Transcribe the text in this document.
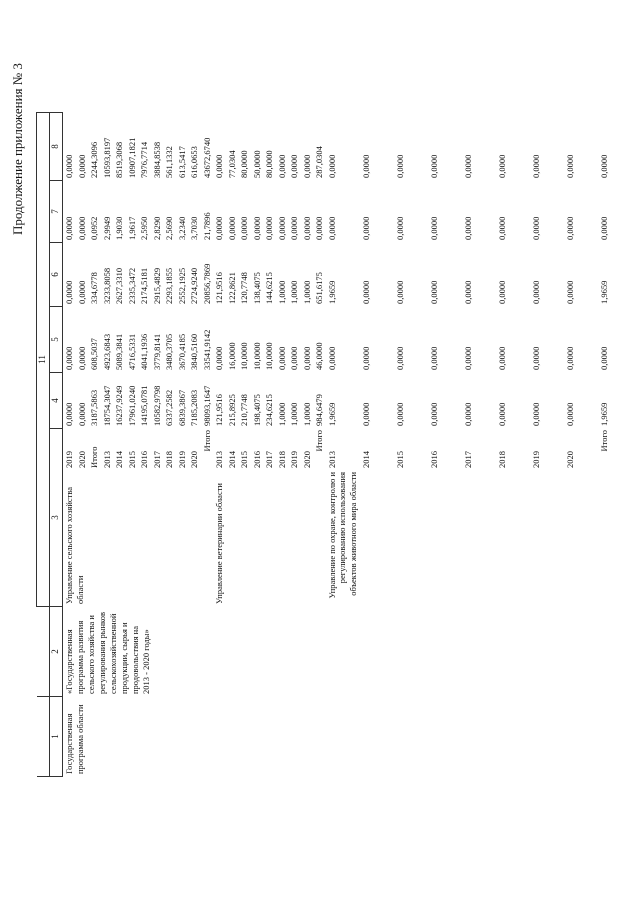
Продолжение приложения № 3
		11					
1	2	3	4	5	6	7	8
Государственная программа области	«Государственная программа развития сельского хозяйства и регулирования рынков сельскохозяйственной продукции, сырья и продовольствия на 2013 - 2020 годы»	Управление сельского хозяйства области	2019	0,0000	0,0000	0,0000	0,0000	0,0000
			2020	0,0000	0,0000	0,0000	0,0000	0,0000
			Итого	3187,5863	608,5037	334,6778	0,0952	2244,3096
			2013	18754,3047	4923,6843	3233,8058	2,9949	10593,8197
			2014	16237,9249	5089,3841	2627,3310	1,9030	8519,3068
			2015	17961,0240	4716,5331	2335,3472	1,9617	10907,1821
			2016	14195,0781	4041,1936	2174,5181	2,5950	7976,7714
			2017	10582,9798	3779,8141	2915,4829	2,8290	3884,8538
			2018	6337,2582	3480,3705	2293,1855	2,5690	561,1332
			2019	6839,3867	3670,4185	2552,1925	3,2340	613,5417
			2020	7185,2083	3840,5160	2724,9240	3,7030	616,0653
			Итого	98093,1647	33541,9142	20856,7869	21,7896	43672,6740
		Управление ветеринарии области	2013	121,9516	0,0000	121,9516	0,0000	0,0000
			2014	215,8925	16,0000	122,8621	0,0000	77,0304
			2015	210,7748	10,0000	120,7748	0,0000	80,0000
			2016	198,4075	10,0000	138,4075	0,0000	50,0000
			2017	234,6215	10,0000	144,6215	0,0000	80,0000
			2018	1,0000	0,0000	1,0000	0,0000	0,0000
			2019	1,0000	0,0000	1,0000	0,0000	0,0000
			2020	1,0000	0,0000	1,0000	0,0000	0,0000
			Итого	984,6479	46,0000	651,6175	0,0000	287,0304
		Управление по охране, контролю и регулированию использования объектов животного мира области	2013	1,9659	0,0000	1,9659	0,0000	0,0000
			2014	0,0000	0,0000	0,0000	0,0000	0,0000
			2015	0,0000	0,0000	0,0000	0,0000	0,0000
			2016	0,0000	0,0000	0,0000	0,0000	0,0000
			2017	0,0000	0,0000	0,0000	0,0000	0,0000
			2018	0,0000	0,0000	0,0000	0,0000	0,0000
			2019	0,0000	0,0000	0,0000	0,0000	0,0000
			2020	0,0000	0,0000	0,0000	0,0000	0,0000
			Итого	1,9659	0,0000	1,9659	0,0000	0,0000
